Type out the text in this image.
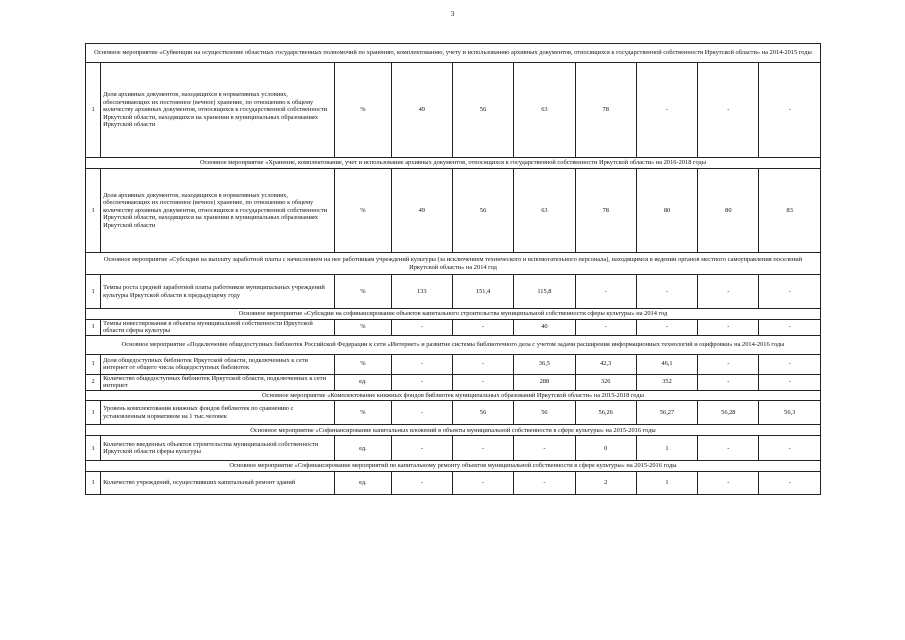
3
Основное мероприятие «Субвенции на осуществление областных государственных полномочий по хранению, комплектованию, учету и использованию архивных документов, относящихся к государственной собственности Иркутской области» на 2014-2015 годы									
1	Доля архивных документов, находящихся в нормативных условиях, обеспечивающих их постоянное (вечное) хранение, по отношению к общему количеству архивных документов, относящихся к государственной собственности Иркутской области, находящихся на хранении в муниципальных образованиях Иркутской области	%	49	56	63	78	-	-	-
Основное мероприятие «Хранение, комплектование, учет и использование архивных документов, относящихся к государственной собственности Иркутской области» на 2016-2018 годы									
1	Доля архивных документов, находящихся в нормативных условиях, обеспечивающих их постоянное (вечное) хранение, по отношению к общему количеству архивных документов, относящихся к государственной собственности Иркутской области, находящихся на хранении в муниципальных образованиях Иркутской области	%	49	56	63	78	80	80	83
Основное мероприятие «Субсидии на выплату заработной платы с начислением на нее работникам учреждений культуры (за исключением технического и вспомогательного персонала), находящимся в ведении органов местного самоуправления поселений Иркутской области» на 2014 год									
1	Темпы роста средней заработной платы работников муниципальных учреждений культуры Иркутской области к предыдущему году	%	133	151,4	115,8	-	-	-	-
Основное мероприятие «Субсидии на софинансирование объектов капитального строительства муниципальной собственности сферы культуры» на 2014 год									
1	Темпы инвестирования в объекты муниципальной собственности Иркутской области сферы культуры	%	-	-	40	-	-	-	-
Основное мероприятие «Подключение общедоступных библиотек Российской Федерации к сети «Интернет» и развитие системы библиотечного дела с учетом задачи расширения информационных технологий и оцифровки» на 2014-2016 годы									
1	Доля общедоступных библиотек Иркутской области, подключенных к сети интернет от общего числа общедоступных библиотек	%	-	-	36,5	42,3	46,1	-	-
2	Количество общедоступных библиотек Иркутской области, подключенных к сети интернет	ед.	-	-	288	326	352	-	-
Основное мероприятие «Комплектование книжных фондов библиотек муниципальных образований Иркутской области» на 2015-2018 годы									
1	Уровень комплектования книжных фондов библиотек по сравнению с установленным нормативом на 1 тыс.человек	%	-	56	56	56,26	56,27	56,28	56,3
Основное мероприятие «Софинансирование капитальных вложений в объекты муниципальной собственности в сфере культуры» на 2015-2016 годы									
1	Количество введенных объектов строительства муниципальной собственности Иркутской области сферы культуры	ед.	-	-	-	0	1	-	-
Основное мероприятие «Софинансирование мероприятий по капитальному ремонту объектов муниципальной собственности в сфере культуры» на 2015-2016 годы									
1	Количество учреждений, осуществивших капитальный ремонт зданий	ед.	-	-	-	2	1	-	-
